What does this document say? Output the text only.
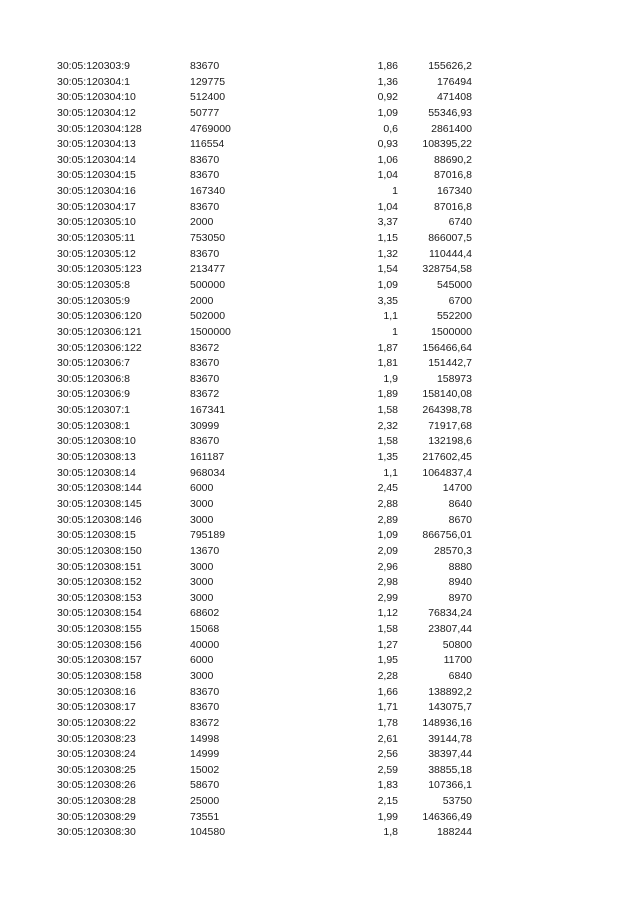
30:05:120303:9	83670	1,86	155626,2
30:05:120304:1	129775	1,36	176494
30:05:120304:10	512400	0,92	471408
30:05:120304:12	50777	1,09	55346,93
30:05:120304:128	4769000	0,6	2861400
30:05:120304:13	116554	0,93	108395,22
30:05:120304:14	83670	1,06	88690,2
30:05:120304:15	83670	1,04	87016,8
30:05:120304:16	167340	1	167340
30:05:120304:17	83670	1,04	87016,8
30:05:120305:10	2000	3,37	6740
30:05:120305:11	753050	1,15	866007,5
30:05:120305:12	83670	1,32	110444,4
30:05:120305:123	213477	1,54	328754,58
30:05:120305:8	500000	1,09	545000
30:05:120305:9	2000	3,35	6700
30:05:120306:120	502000	1,1	552200
30:05:120306:121	1500000	1	1500000
30:05:120306:122	83672	1,87	156466,64
30:05:120306:7	83670	1,81	151442,7
30:05:120306:8	83670	1,9	158973
30:05:120306:9	83672	1,89	158140,08
30:05:120307:1	167341	1,58	264398,78
30:05:120308:1	30999	2,32	71917,68
30:05:120308:10	83670	1,58	132198,6
30:05:120308:13	161187	1,35	217602,45
30:05:120308:14	968034	1,1	1064837,4
30:05:120308:144	6000	2,45	14700
30:05:120308:145	3000	2,88	8640
30:05:120308:146	3000	2,89	8670
30:05:120308:15	795189	1,09	866756,01
30:05:120308:150	13670	2,09	28570,3
30:05:120308:151	3000	2,96	8880
30:05:120308:152	3000	2,98	8940
30:05:120308:153	3000	2,99	8970
30:05:120308:154	68602	1,12	76834,24
30:05:120308:155	15068	1,58	23807,44
30:05:120308:156	40000	1,27	50800
30:05:120308:157	6000	1,95	11700
30:05:120308:158	3000	2,28	6840
30:05:120308:16	83670	1,66	138892,2
30:05:120308:17	83670	1,71	143075,7
30:05:120308:22	83672	1,78	148936,16
30:05:120308:23	14998	2,61	39144,78
30:05:120308:24	14999	2,56	38397,44
30:05:120308:25	15002	2,59	38855,18
30:05:120308:26	58670	1,83	107366,1
30:05:120308:28	25000	2,15	53750
30:05:120308:29	73551	1,99	146366,49
30:05:120308:30	104580	1,8	188244
